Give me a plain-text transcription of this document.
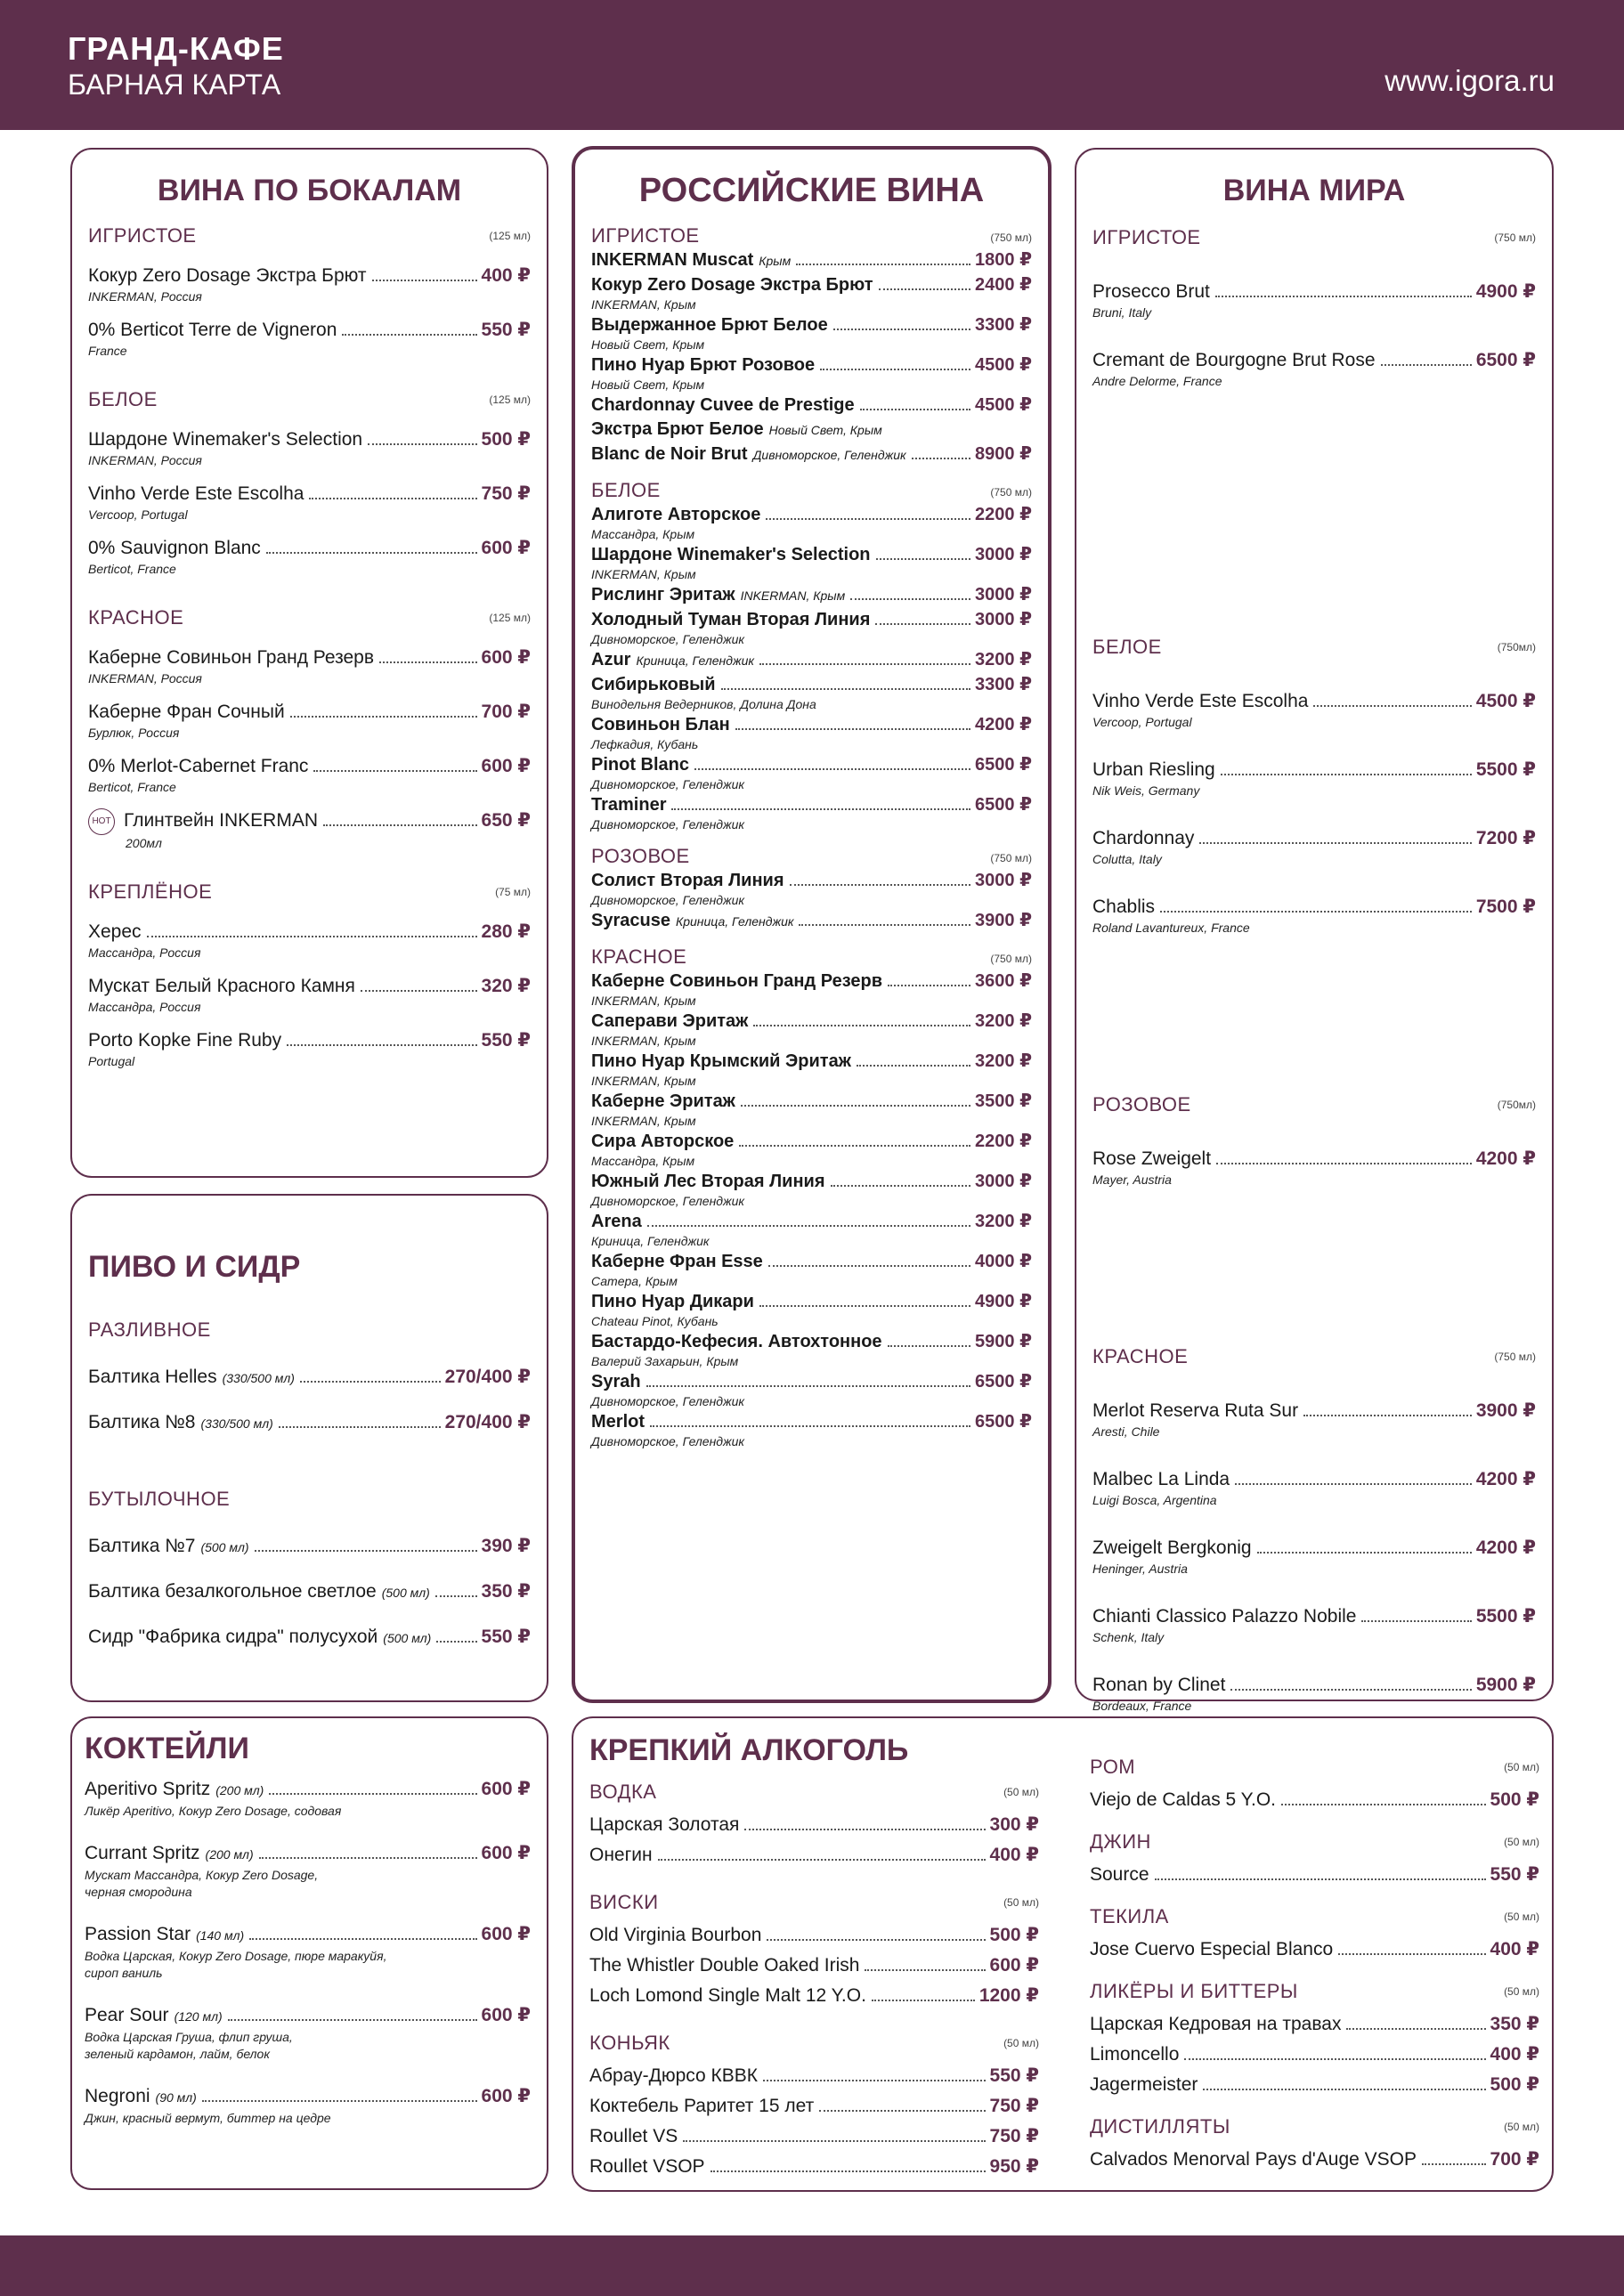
ГРАНД-КАФЕ
БАРНАЯ КАРТА	www.igora.ru
ВИНА ПО БОКАЛАМ
ИГРИСТОЕ	(125 мл)
Кокур Zero Dosage Экстра Брют	400 ₽
INKERMAN, Россия
0% Berticot Terre de Vigneron	550 ₽
France
БЕЛОЕ	(125 мл)
Шардоне Winemaker's Selection	500 ₽
INKERMAN, Россия
Vinho Verde Este Escolha	750 ₽
Vercoop, Portugal
0% Sauvignon Blanc	600 ₽
Berticot, France
КРАСНОЕ	(125 мл)
Каберне Совиньон Гранд Резерв	600 ₽
INKERMAN, Россия
Каберне Фран Сочный	700 ₽
Бурлюк, Россия
0% Merlot-Cabernet Franc	600 ₽
Berticot, France
HOT Глинтвейн INKERMAN	650 ₽
200мл
КРЕПЛЁНОЕ	(75 мл)
Херес	280 ₽
Массандра, Россия
Мускат Белый Красного Камня	320 ₽
Массандра, Россия
Porto Kopke Fine Ruby	550 ₽
Portugal
ПИВО И СИДР
РАЗЛИВНОЕ
Балтика Helles (330/500 мл)	270/400 ₽
Балтика №8 (330/500 мл)	270/400 ₽
БУТЫЛОЧНОЕ
Балтика №7 (500 мл)	390 ₽
Балтика безалкогольное светлое (500 мл)	350 ₽
Сидр "Фабрика сидра" полусухой (500 мл)	550 ₽
РОССИЙСКИЕ ВИНА
ИГРИСТОЕ	(750 мл)
INKERMAN Muscat Крым	1800 ₽
Кокур Zero Dosage Экстра Брют	2400 ₽
INKERMAN, Крым
Выдержанное Брют Белое	3300 ₽
Новый Свет, Крым
Пино Нуар Брют Розовое	4500 ₽
Новый Свет, Крым
Chardonnay Cuvee de Prestige	4500 ₽
Экстра Брют Белое Новый Свет, Крым
Blanc de Noir Brut Дивноморское, Геленджик	8900 ₽
БЕЛОЕ	(750 мл)
Алиготе Авторское	2200 ₽
Массандра, Крым
Шардоне Winemaker's Selection	3000 ₽
INKERMAN, Крым
Рислинг Эритаж INKERMAN, Крым	3000 ₽
Холодный Туман Вторая Линия	3000 ₽
Дивноморское, Геленджик
Azur Криница, Геленджик	3200 ₽
Сибирьковый	3300 ₽
Винодельня Ведерников, Долина Дона
Совиньон Блан	4200 ₽
Лефкадия, Кубань
Pinot Blanc	6500 ₽
Дивноморское, Геленджик
Traminer	6500 ₽
Дивноморское, Геленджик
РОЗОВОЕ	(750 мл)
Солист Вторая Линия	3000 ₽
Дивноморское, Геленджик
Syracuse Криница, Геленджик	3900 ₽
КРАСНОЕ	(750 мл)
Каберне Совиньон Гранд Резерв	3600 ₽
INKERMAN, Крым
Саперави Эритаж	3200 ₽
INKERMAN, Крым
Пино Нуар Крымский Эритаж	3200 ₽
INKERMAN, Крым
Каберне Эритаж	3500 ₽
INKERMAN, Крым
Сира Авторское	2200 ₽
Массандра, Крым
Южный Лес Вторая Линия	3000 ₽
Дивноморское, Геленджик
Arena	3200 ₽
Криница, Геленджик
Каберне Фран Esse	4000 ₽
Сатера, Крым
Пино Нуар Дикари	4900 ₽
Chateau Pinot, Кубань
Бастардо-Кефесия. Автохтонное	5900 ₽
Валерий Захарьин, Крым
Syrah	6500 ₽
Дивноморское, Геленджик
Merlot	6500 ₽
Дивноморское, Геленджик
ВИНА МИРА
ИГРИСТОЕ	(750 мл)
Prosecco Brut	4900 ₽
Bruni, Italy
Cremant de Bourgogne Brut Rose	6500 ₽
Andre Delorme, France
БЕЛОЕ	(750мл)
Vinho Verde Este Escolha	4500 ₽
Vercoop, Portugal
Urban Riesling	5500 ₽
Nik Weis, Germany
Chardonnay	7200 ₽
Colutta, Italy
Chablis	7500 ₽
Roland Lavantureux, France
РОЗОВОЕ	(750мл)
Rose Zweigelt	4200 ₽
Mayer, Austria
КРАСНОЕ	(750 мл)
Merlot Reserva Ruta Sur	3900 ₽
Aresti, Chile
Malbec La Linda	4200 ₽
Luigi Bosca, Argentina
Zweigelt Bergkonig	4200 ₽
Heninger, Austria
Chianti Classico Palazzo Nobile	5500 ₽
Schenk, Italy
Ronan by Clinet	5900 ₽
Bordeaux, France
КОКТЕЙЛИ
Aperitivo Spritz (200 мл)	600 ₽
Ликёр Aperitivo, Кокур Zero Dosage, содовая
Currant Spritz (200 мл)	600 ₽
Мускат Массандра, Кокур Zero Dosage,
черная смородина
Passion Star (140 мл)	600 ₽
Водка Царская, Кокур Zero Dosage, пюре маракуйя,
сироп ваниль
Pear Sour (120 мл)	600 ₽
Водка Царская Груша, флип груша,
зеленый кардамон, лайм, белок
Negroni (90 мл)	600 ₽
Джин, красный вермут, биттер на цедре
КРЕПКИЙ АЛКОГОЛЬ
ВОДКА	(50 мл)
Царская Золотая	300 ₽
Онегин	400 ₽
ВИСКИ	(50 мл)
Old Virginia Bourbon	500 ₽
The Whistler Double Oaked Irish	600 ₽
Loch Lomond Single Malt 12 Y.O.	1200 ₽
КОНЬЯК	(50 мл)
Абрау-Дюрсо КВВК	550 ₽
Коктебель Раритет 15 лет	750 ₽
Roullet VS	750 ₽
Roullet VSOP	950 ₽
РОМ	(50 мл)
Viejo de Caldas 5 Y.O.	500 ₽
ДЖИН	(50 мл)
Source	550 ₽
ТЕКИЛА	(50 мл)
Jose Cuervo Especial Blanco	400 ₽
ЛИКЁРЫ И БИТТЕРЫ	(50 мл)
Царская Кедровая на травах	350 ₽
Limoncello	400 ₽
Jagermeister	500 ₽
ДИСТИЛЛЯТЫ	(50 мл)
Calvados Menorval Pays d'Auge VSOP	700 ₽
